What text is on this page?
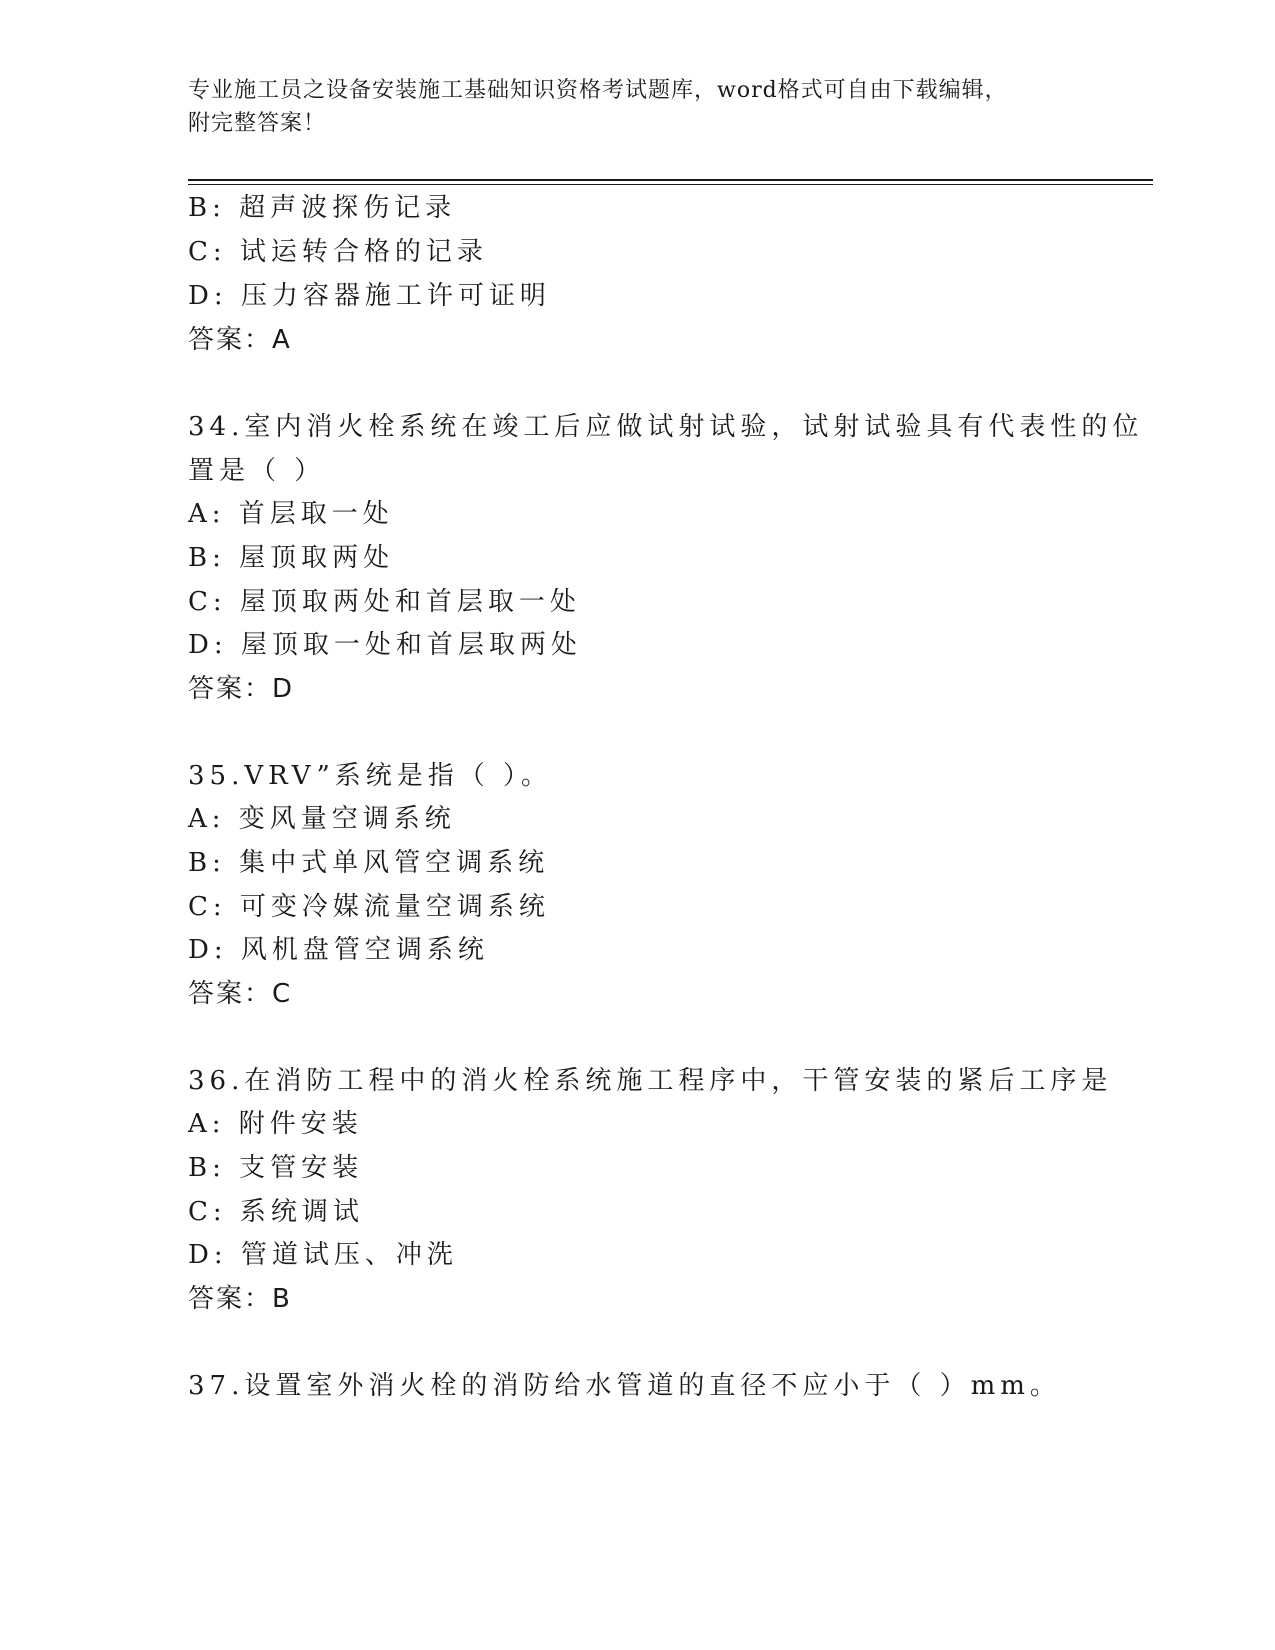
专业施工员之设备安装施工基础知识资格考试题库，word格式可自由下载编辑，
附完整答案！
B: 超声波探伤记录
C: 试运转合格的记录
D: 压力容器施工许可证明
答案：A
34.室内消火栓系统在竣工后应做试射试验，试射试验具有代表性的位
置是（ ）
A: 首层取一处
B: 屋顶取两处
C: 屋顶取两处和首层取一处
D: 屋顶取一处和首层取两处
答案：D
35.VRV”系统是指（ ）。
A: 变风量空调系统
B: 集中式单风管空调系统
C: 可变冷媒流量空调系统
D: 风机盘管空调系统
答案：C
36.在消防工程中的消火栓系统施工程序中，干管安装的紧后工序是
A: 附件安装
B: 支管安装
C: 系统调试
D: 管道试压、冲洗
答案：B
37.设置室外消火栓的消防给水管道的直径不应小于（ ）mm。
